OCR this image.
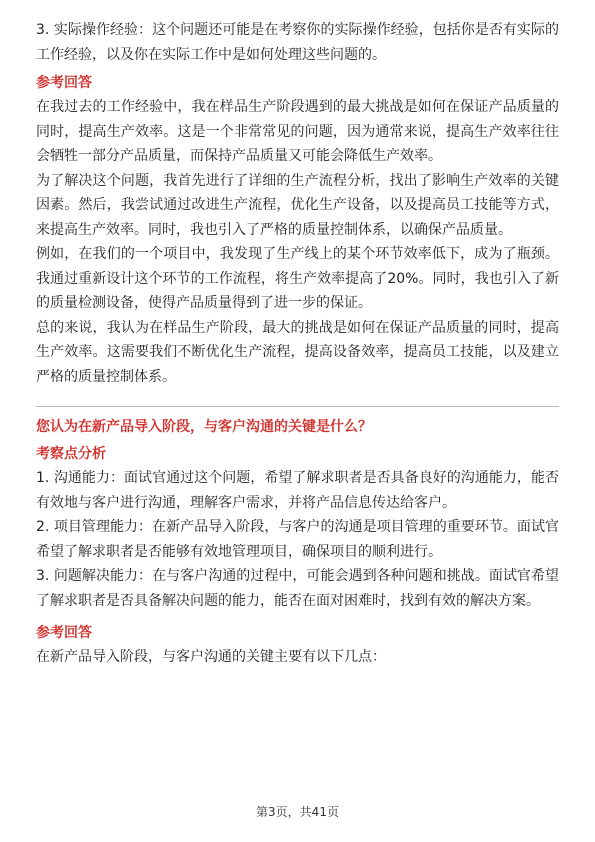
3. 实际操作经验：这个问题还可能是在考察你的实际操作经验，包括你是否有实际的工作经验，以及你在实际工作中是如何处理这些问题的。

参考回答

在我过去的工作经验中，我在样品生产阶段遇到的最大挑战是如何在保证产品质量的同时，提高生产效率。这是一个非常常见的问题，因为通常来说，提高生产效率往往会牺牲一部分产品质量，而保持产品质量又可能会降低生产效率。

为了解决这个问题，我首先进行了详细的生产流程分析，找出了影响生产效率的关键因素。然后，我尝试通过改进生产流程，优化生产设备，以及提高员工技能等方式，来提高生产效率。同时，我也引入了严格的质量控制体系，以确保产品质量。

例如，在我们的一个项目中，我发现了生产线上的某个环节效率低下，成为了瓶颈。我通过重新设计这个环节的工作流程，将生产效率提高了20%。同时，我也引入了新的质量检测设备，使得产品质量得到了进一步的保证。

总的来说，我认为在样品生产阶段，最大的挑战是如何在保证产品质量的同时，提高生产效率。这需要我们不断优化生产流程，提高设备效率，提高员工技能，以及建立严格的质量控制体系。

您认为在新产品导入阶段，与客户沟通的关键是什么？

考察点分析

1. 沟通能力：面试官通过这个问题，希望了解求职者是否具备良好的沟通能力，能否有效地与客户进行沟通，理解客户需求，并将产品信息传达给客户。

2. 项目管理能力：在新产品导入阶段，与客户的沟通是项目管理的重要环节。面试官希望了解求职者是否能够有效地管理项目，确保项目的顺利进行。

3. 问题解决能力：在与客户沟通的过程中，可能会遇到各种问题和挑战。面试官希望了解求职者是否具备解决问题的能力，能否在面对困难时，找到有效的解决方案。

参考回答

在新产品导入阶段，与客户沟通的关键主要有以下几点：

第3页，共41页
